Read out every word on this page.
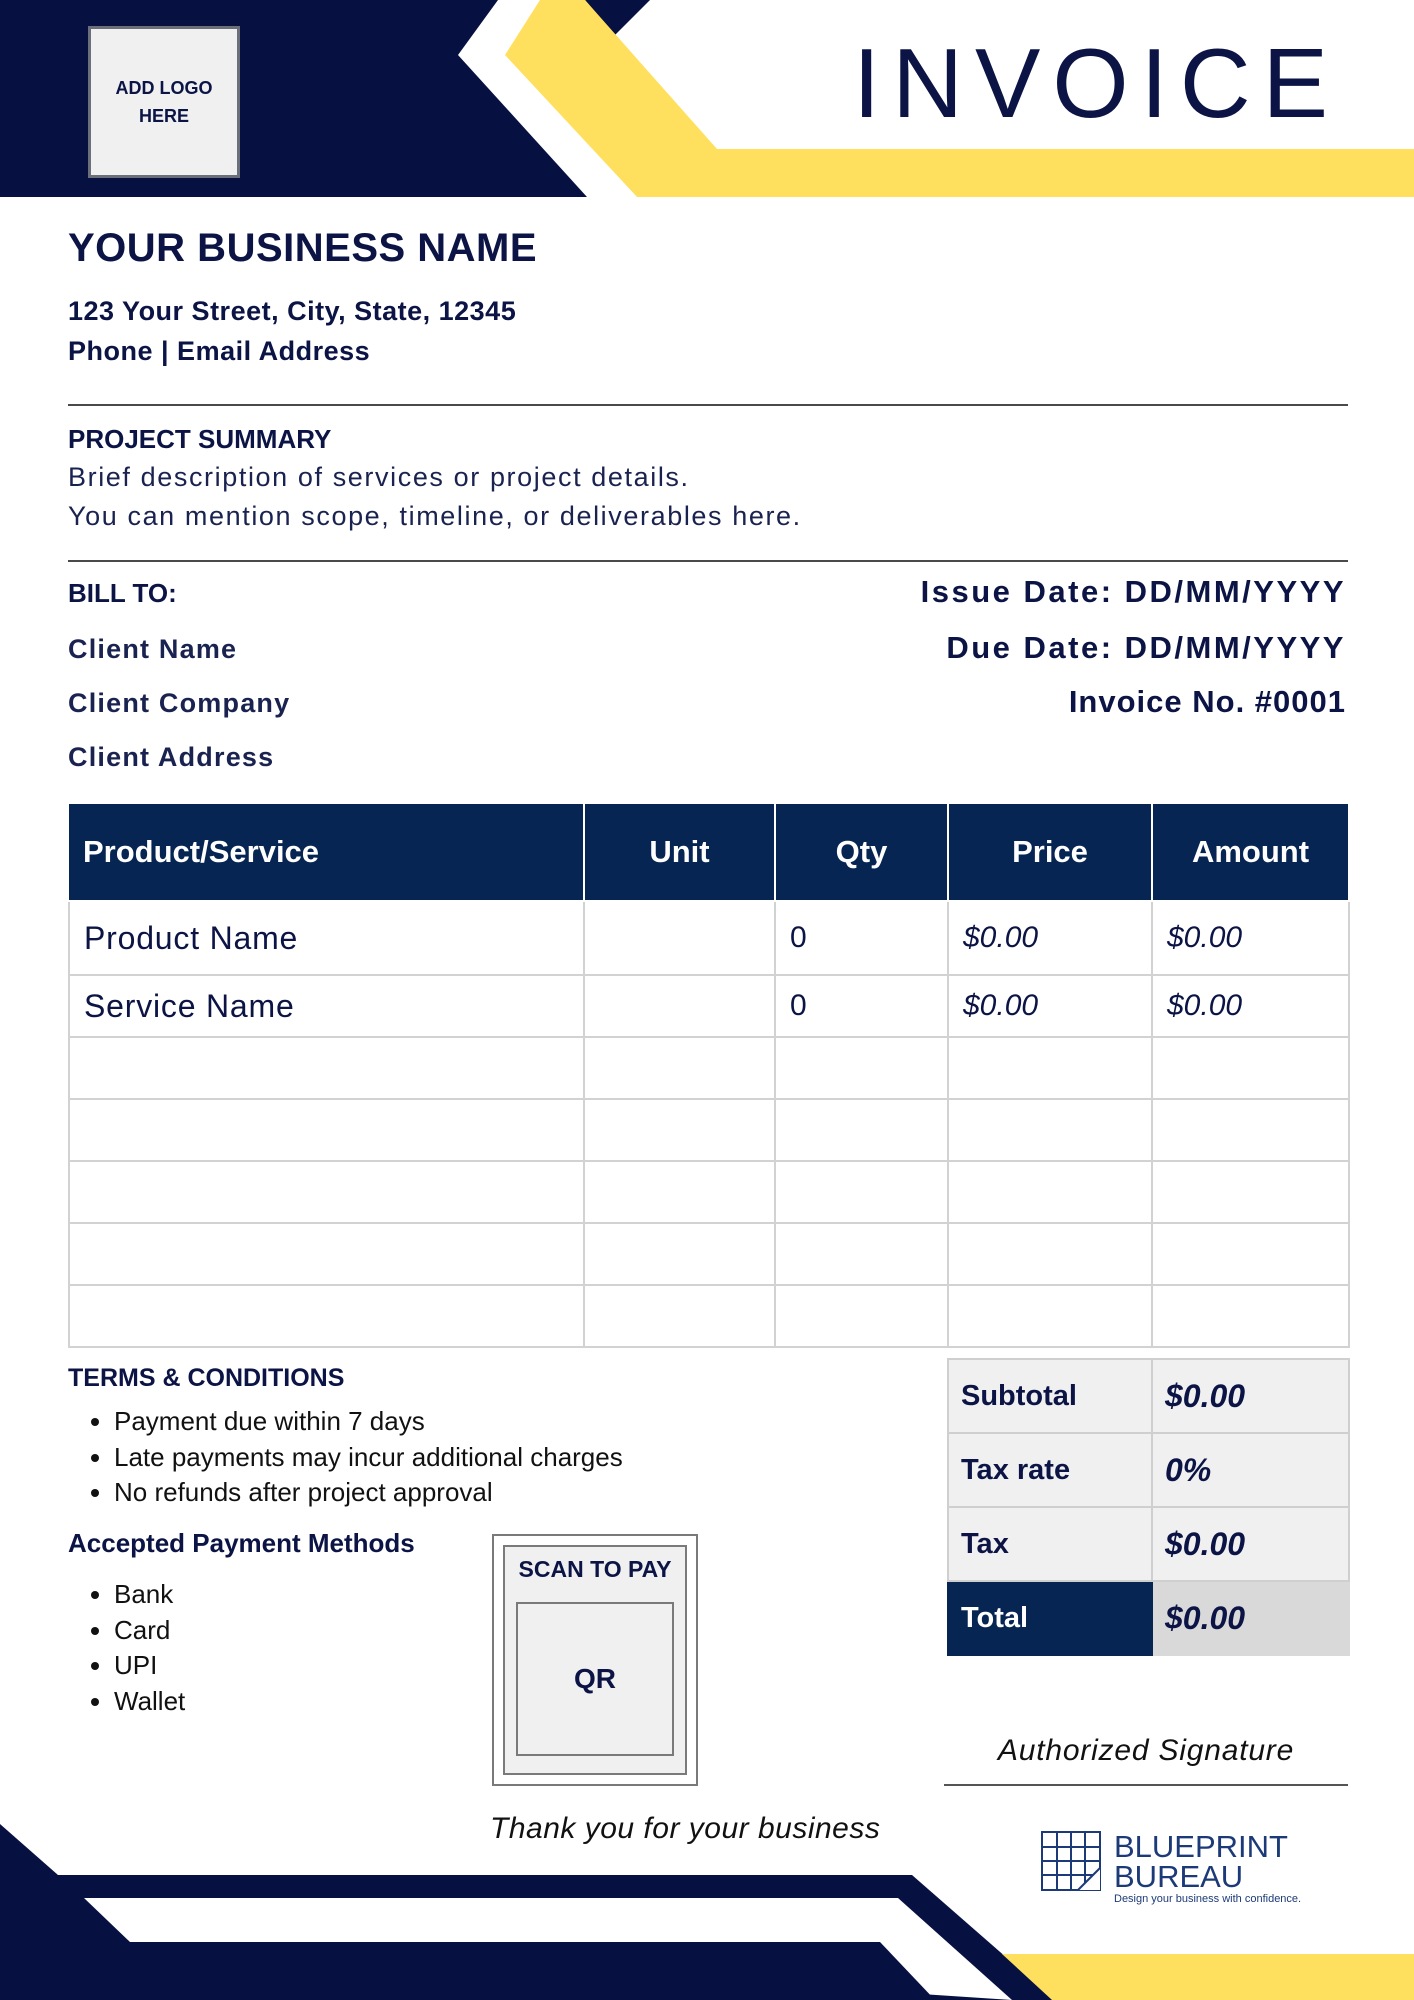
ADD LOGO
HERE	INVOICE
YOUR BUSINESS NAME
123 Your Street, City, State, 12345
Phone | Email Address
PROJECT SUMMARY
Brief description of services or project details.
You can mention scope, timeline, or deliverables here.
BILL TO:
Client Name
Client Company
Client Address
Issue Date: DD/MM/YYYY
Due Date: DD/MM/YYYY
Invoice No. #0001
Product/Service	Unit	Qty	Price	Amount
Product Name		0	$0.00	$0.00
Service Name		0	$0.00	$0.00

TERMS & CONDITIONS
• Payment due within 7 days
• Late payments may incur additional charges
• No refunds after project approval
Accepted Payment Methods
• Bank
• Card
• UPI
• Wallet
SCAN TO PAY
QR
Subtotal	$0.00
Tax rate	0%
Tax	$0.00
Total	$0.00
Authorized Signature
Thank you for your business
BLUEPRINT
BUREAU
Design your business with confidence.
